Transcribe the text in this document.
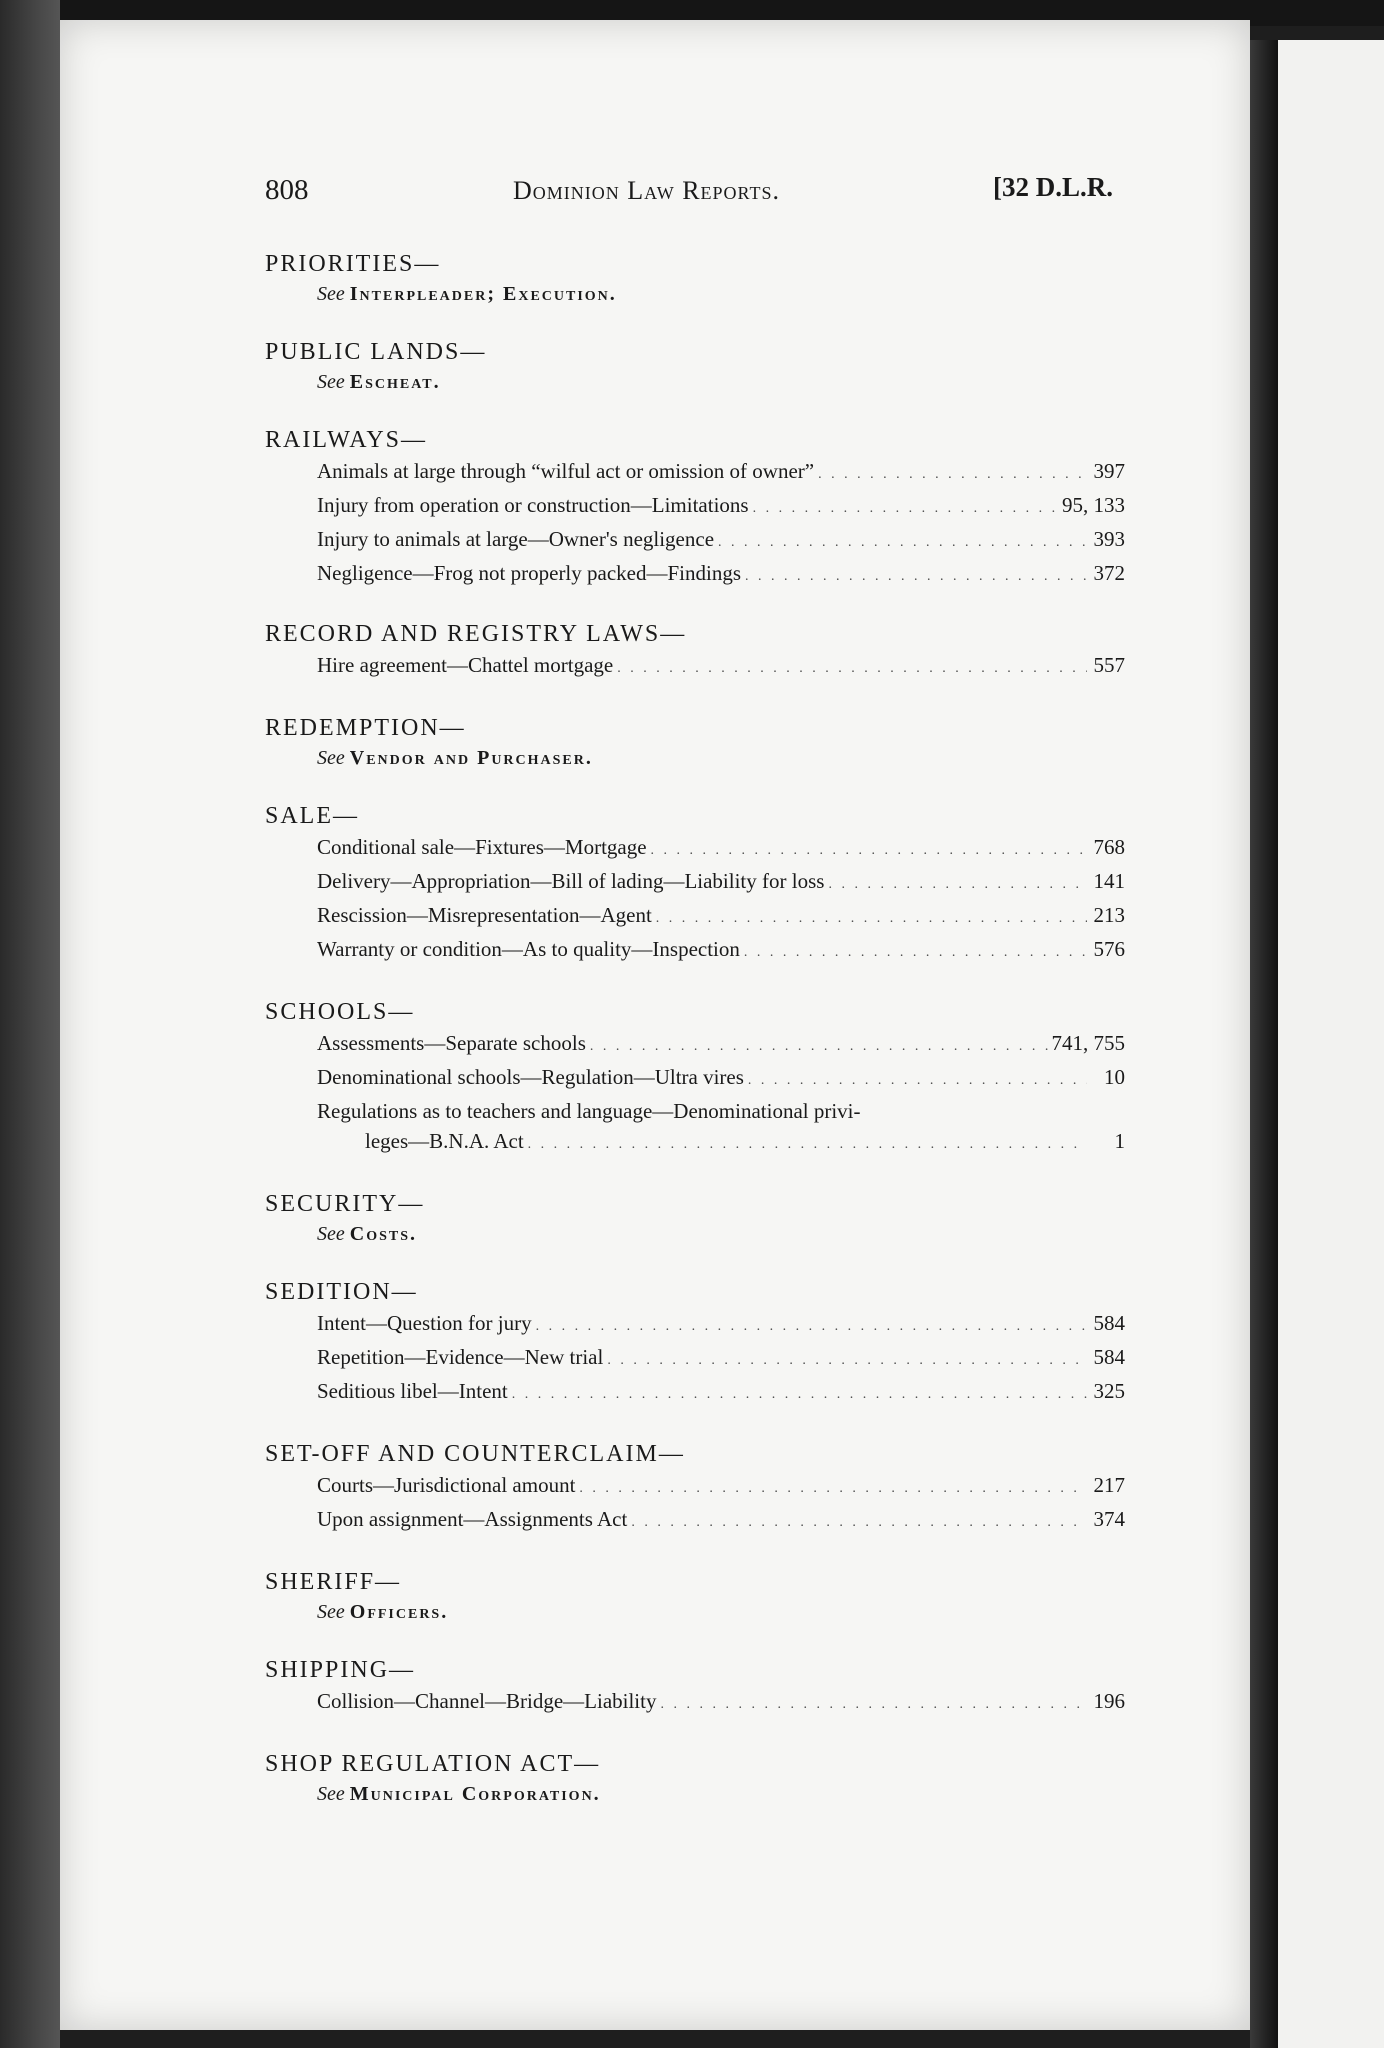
808	Dominion Law Reports.	[32 D.L.R.
PRIORITIES—
See Interpleader; Execution.
PUBLIC LANDS—
See Escheat.
RAILWAYS—
Animals at large through “wilful act or omission of owner” . . .	397
Injury from operation or construction—Limitations . . .	95, 133
Injury to animals at large—Owner's negligence . . .	393
Negligence—Frog not properly packed—Findings . . .	372
RECORD AND REGISTRY LAWS—
Hire agreement—Chattel mortgage . . .	557
REDEMPTION—
See Vendor and Purchaser.
SALE—
Conditional sale—Fixtures—Mortgage . . .	768
Delivery—Appropriation—Bill of lading—Liability for loss . . .	141
Rescission—Misrepresentation—Agent . . .	213
Warranty or condition—As to quality—Inspection . . .	576
SCHOOLS—
Assessments—Separate schools . . .	741, 755
Denominational schools—Regulation—Ultra vires . . .	10
Regulations as to teachers and language—Denominational privi-
leges—B.N.A. Act . . .	1
SECURITY—
See Costs.
SEDITION—
Intent—Question for jury . . .	584
Repetition—Evidence—New trial . . .	584
Seditious libel—Intent . . .	325
SET-OFF AND COUNTERCLAIM—
Courts—Jurisdictional amount . . .	217
Upon assignment—Assignments Act . . .	374
SHERIFF—
See Officers.
SHIPPING—
Collision—Channel—Bridge—Liability . . .	196
SHOP REGULATION ACT—
See Municipal Corporation.
